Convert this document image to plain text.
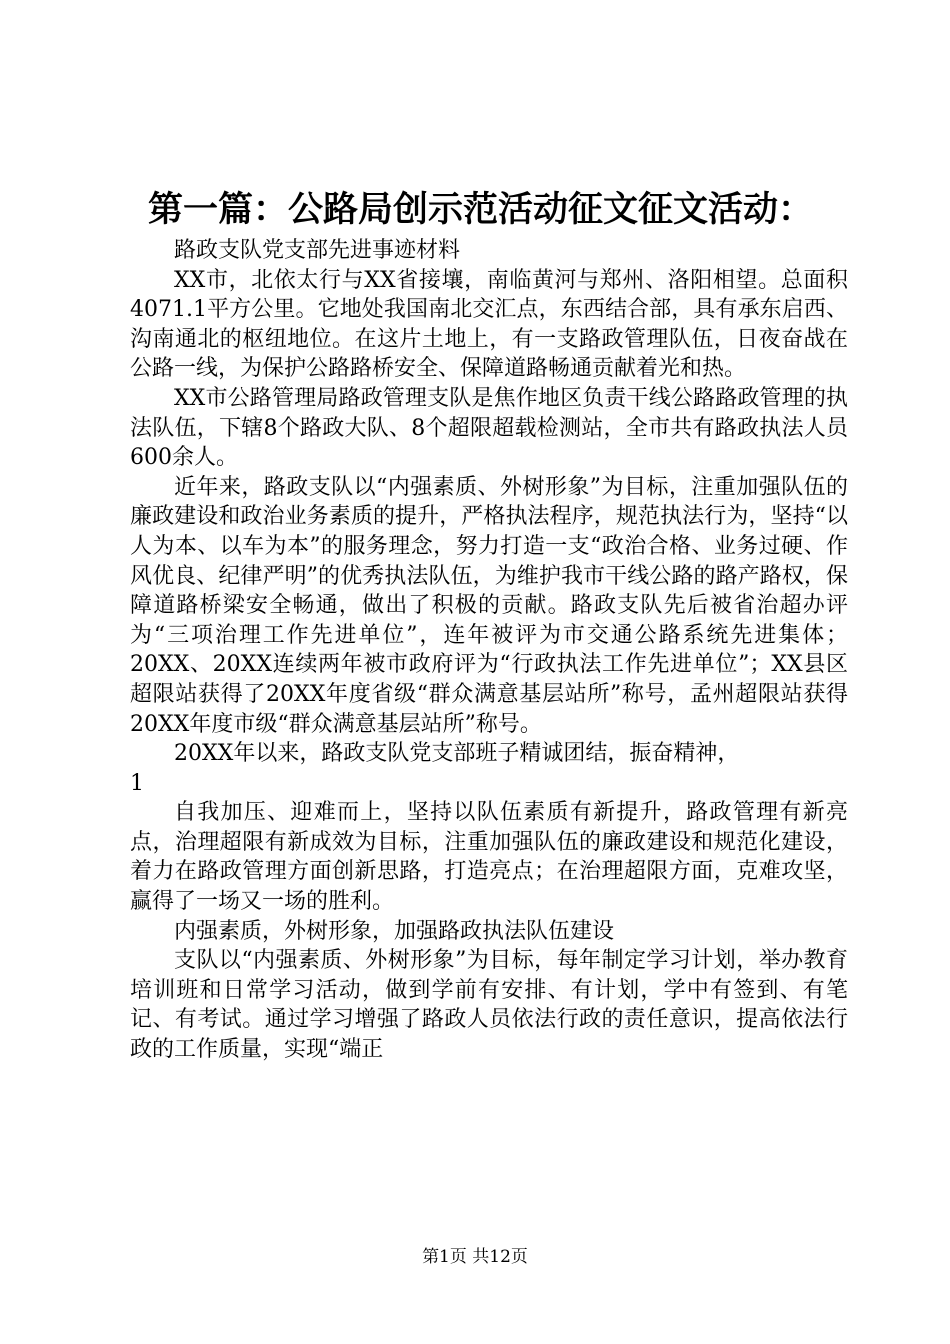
第一篇：公路局创示范活动征文征文活动：

路政支队党支部先进事迹材料

XX市，北依太行与XX省接壤，南临黄河与郑州、洛阳相望。总面积4071.1平方公里。它地处我国南北交汇点，东西结合部，具有承东启西、沟南通北的枢纽地位。在这片土地上，有一支路政管理队伍，日夜奋战在公路一线，为保护公路路桥安全、保障道路畅通贡献着光和热。

XX市公路管理局路政管理支队是焦作地区负责干线公路路政管理的执法队伍，下辖8个路政大队、8个超限超载检测站，全市共有路政执法人员600余人。

近年来，路政支队以“内强素质、外树形象”为目标，注重加强队伍的廉政建设和政治业务素质的提升，严格执法程序，规范执法行为，坚持“以人为本、以车为本”的服务理念，努力打造一支“政治合格、业务过硬、作风优良、纪律严明”的优秀执法队伍，为维护我市干线公路的路产路权，保障道路桥梁安全畅通，做出了积极的贡献。路政支队先后被省治超办评为“三项治理工作先进单位”，连年被评为市交通公路系统先进集体；20XX、20XX连续两年被市政府评为“行政执法工作先进单位”；XX县区超限站获得了20XX年度省级“群众满意基层站所”称号，孟州超限站获得20XX年度市级“群众满意基层站所”称号。

20XX年以来，路政支队党支部班子精诚团结，振奋精神，

1

自我加压、迎难而上，坚持以队伍素质有新提升，路政管理有新亮点，治理超限有新成效为目标，注重加强队伍的廉政建设和规范化建设，着力在路政管理方面创新思路，打造亮点；在治理超限方面，克难攻坚，赢得了一场又一场的胜利。

内强素质，外树形象，加强路政执法队伍建设

支队以“内强素质、外树形象”为目标，每年制定学习计划，举办教育培训班和日常学习活动，做到学前有安排、有计划，学中有签到、有笔记、有考试。通过学习增强了路政人员依法行政的责任意识，提高依法行政的工作质量，实现“端正

第1页 共12页
